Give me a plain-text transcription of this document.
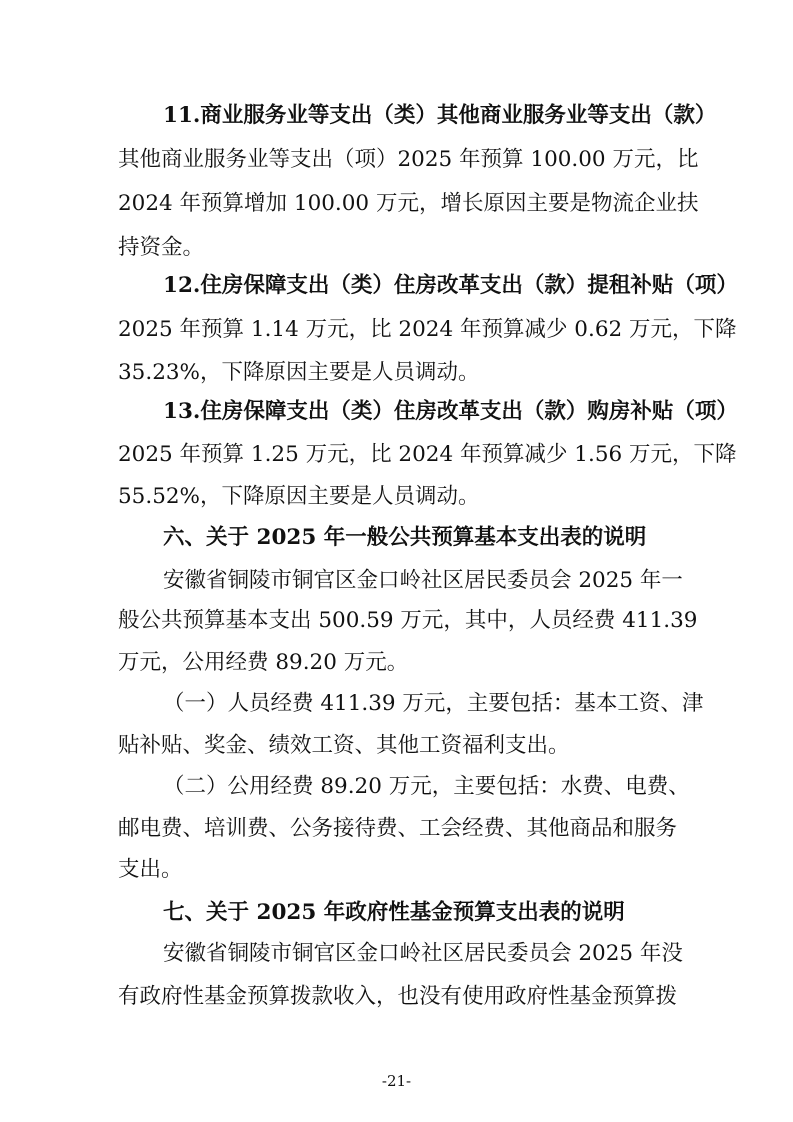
11.商业服务业等支出（类）其他商业服务业等支出（款）
其他商业服务业等支出（项）2025 年预算 100.00 万元，比
2024 年预算增加 100.00 万元，增长原因主要是物流企业扶
持资金。
12.住房保障支出（类）住房改革支出（款）提租补贴（项）
2025 年预算 1.14 万元，比 2024 年预算减少 0.62 万元，下降
35.23%，下降原因主要是人员调动。
13.住房保障支出（类）住房改革支出（款）购房补贴（项）
2025 年预算 1.25 万元，比 2024 年预算减少 1.56 万元，下降
55.52%，下降原因主要是人员调动。
六、关于 2025 年一般公共预算基本支出表的说明
安徽省铜陵市铜官区金口岭社区居民委员会 2025 年一
般公共预算基本支出 500.59 万元，其中，人员经费 411.39
万元，公用经费 89.20 万元。
（一）人员经费 411.39 万元，主要包括：基本工资、津
贴补贴、奖金、绩效工资、其他工资福利支出。
（二）公用经费 89.20 万元，主要包括：水费、电费、
邮电费、培训费、公务接待费、工会经费、其他商品和服务
支出。
七、关于 2025 年政府性基金预算支出表的说明
安徽省铜陵市铜官区金口岭社区居民委员会 2025 年没
有政府性基金预算拨款收入，也没有使用政府性基金预算拨
-21-
